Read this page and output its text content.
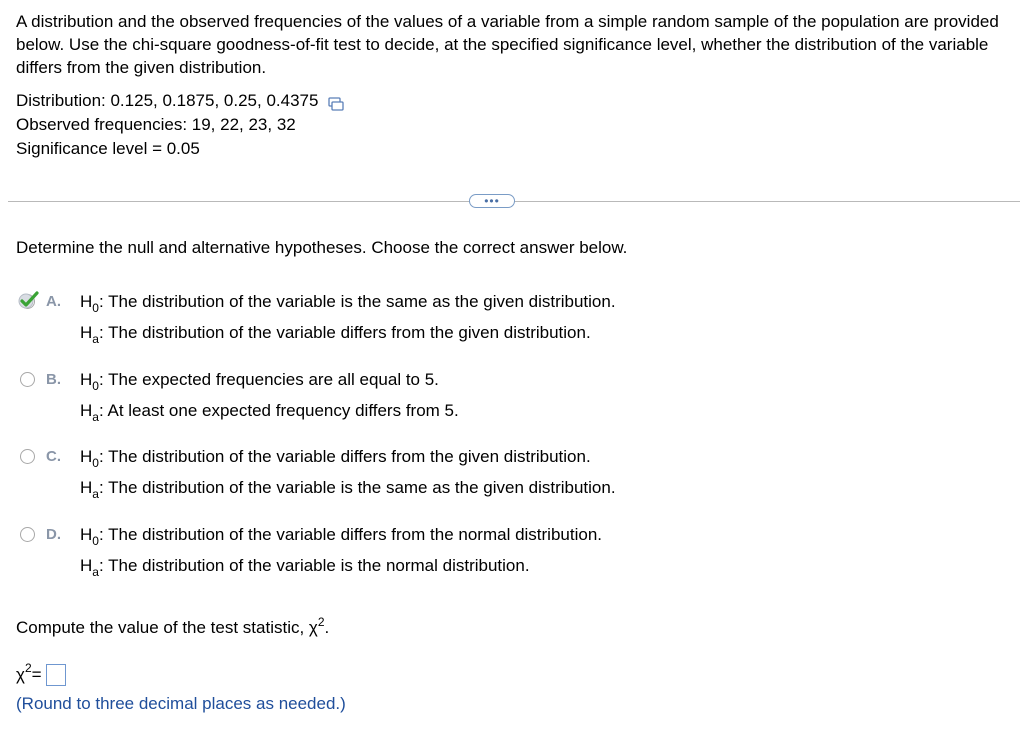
A distribution and the observed frequencies of the values of a variable from a simple random sample of the population are provided below. Use the chi-square goodness-of-fit test to decide, at the specified significance level, whether the distribution of the variable differs from the given distribution.
Distribution: 0.125, 0.1875, 0.25, 0.4375
Observed frequencies: 19, 22, 23, 32
Significance level = 0.05
•••
Determine the null and alternative hypotheses. Choose the correct answer below.
A. $H_0$: The distribution of the variable is the same as the given distribution.
$H_a$: The distribution of the variable differs from the given distribution.
B. $H_0$: The expected frequencies are all equal to 5.
$H_a$: At least one expected frequency differs from 5.
C. $H_0$: The distribution of the variable differs from the given distribution.
$H_a$: The distribution of the variable is the same as the given distribution.
D. $H_0$: The distribution of the variable differs from the normal distribution.
$H_a$: The distribution of the variable is the normal distribution.
Compute the value of the test statistic, $\chi^2$.
χ 2 =
(Round to three decimal places as needed.)
